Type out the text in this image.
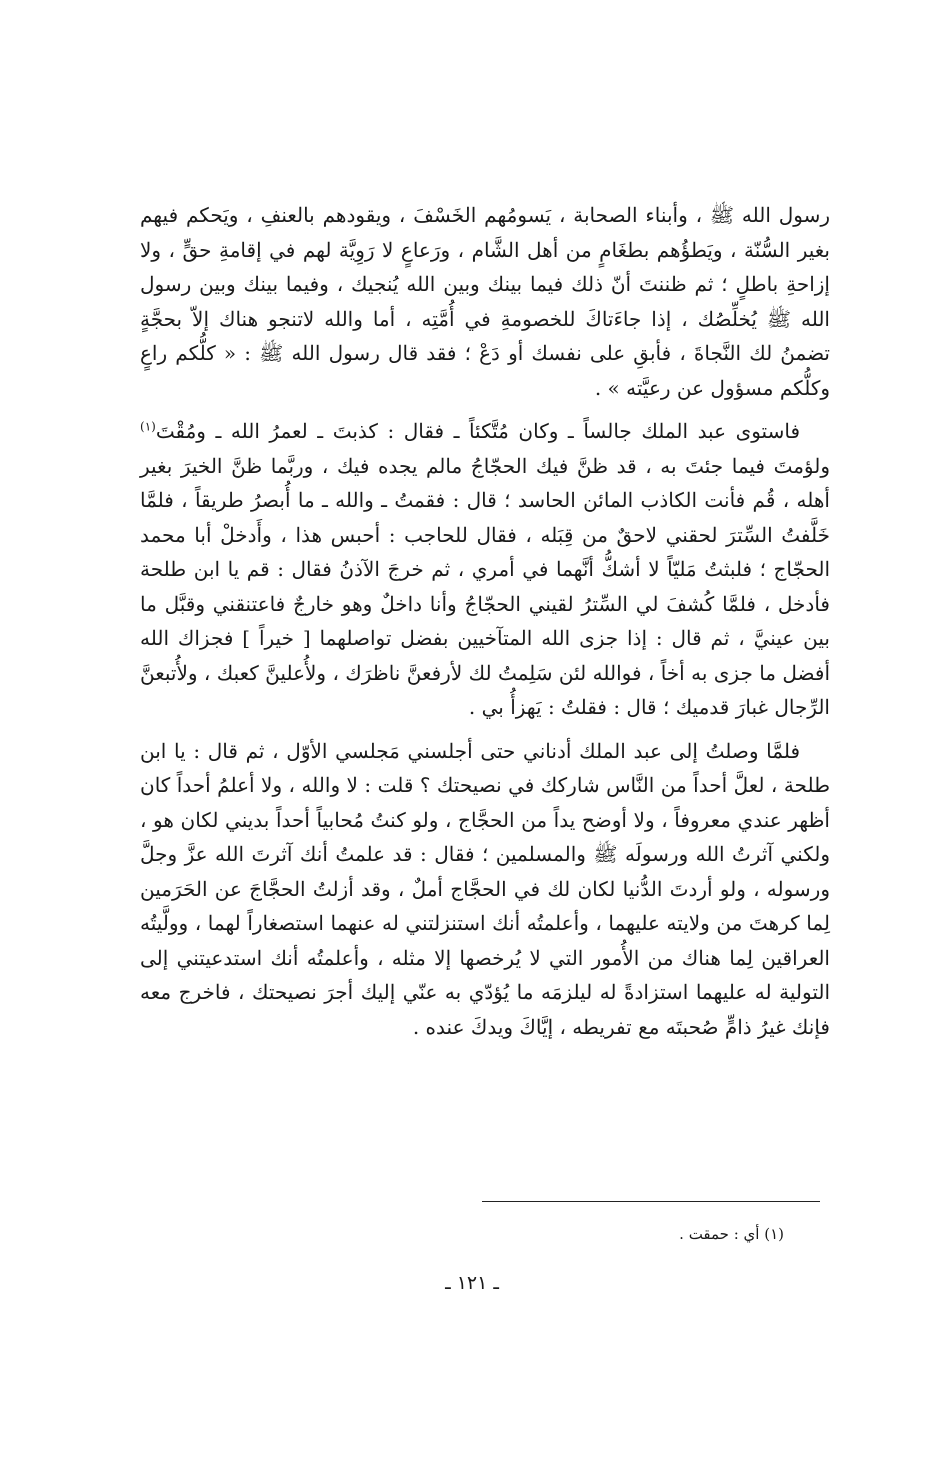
رسول الله ﷺ ، وأبناء الصحابة ، يَسومُهم الخَسْفَ ، ويقودهم بالعنفِ ، ويَحكم فيهم بغير السُّنّة ، ويَطؤُهم بطغَامٍ من أهل الشَّام ، ورَعاعٍ لا رَوِيَّة لهم في إقامةِ حقٍّ ، ولا إزاحةِ باطلٍ ؛ ثم ظننتَ أنّ ذلك فيما بينك وبين الله يُنجيك ، وفيما بينك وبين رسول الله ﷺ يُخلِّصُك ، إذا جاءَتاكَ للخصومةِ في أُمَّتِه ، أما والله لاتنجو هناك إلاّ بحجَّةٍ تضمنُ لك النَّجاةَ ، فأبقِ على نفسك أو دَعْ ؛ فقد قال رسول الله ﷺ : « كلُّكم راعٍ وكلُّكم مسؤول عن رعيَّته » .

فاستوى عبد الملك جالساً ـ وكان مُتَّكئاً ـ فقال : كذبتَ ـ لعمرُ الله ـ ومُقْتَ$^{(١)}$ ولؤمتَ فيما جئتَ به ، قد ظنَّ فيك الحجّاجُ مالم يجده فيك ، وربَّما ظنَّ الخيرَ بغير أهله ، قُم فأنت الكاذب المائن الحاسد ؛ قال : فقمتُ ـ والله ـ ما أُبصرُ طريقاً ، فلمَّا خَلَّفتُ السِّترَ لحقني لاحقٌ من قِبَله ، فقال للحاجب : أحبس هذا ، وأَدخلْ أبا محمد الحجّاج ؛ فلبثتُ مَليّاً لا أشكُّ أنَّهما في أمري ، ثم خرجَ الآذنُ فقال : قم يا ابن طلحة فأدخل ، فلمَّا كُشفَ لي السِّترُ لقيني الحجّاجُ وأنا داخلٌ وهو خارجٌ فاعتنقني وقبَّل ما بين عينيَّ ، ثم قال : إذا جزى الله المتآخيين بفضل تواصلهما [ خيراً ] فجزاك الله أفضل ما جزى به أخاً ، فوالله لئن سَلِمتُ لك لأرفعنَّ ناظرَك ، ولأُعلينَّ كعبك ، ولأُتبعنَّ الرِّجال غبارَ قدميك ؛ قال : فقلتُ : يَهزأُ بي .

فلمَّا وصلتُ إلى عبد الملك أدناني حتى أجلسني مَجلسي الأوّل ، ثم قال : يا ابن طلحة ، لعلَّ أحداً من النَّاس شاركك في نصيحتك ؟ قلت : لا والله ، ولا أعلمُ أحداً كان أظهر عندي معروفاً ، ولا أوضح يداً من الحجَّاج ، ولو كنتُ مُحابياً أحداً بديني لكان هو ، ولكني آثرتُ الله ورسولَه ﷺ والمسلمين ؛ فقال : قد علمتُ أنك آثرتَ الله عزَّ وجلَّ ورسوله ، ولو أردتَ الدُّنيا لكان لك في الحجَّاج أملٌ ، وقد أزلتُ الحجَّاجَ عن الحَرَمين لِما كرهتَ من ولايته عليهما ، وأعلمتُه أنك استنزلتني له عنهما استصغاراً لهما ، وولَّيتُه العراقين لِما هناك من الأُمور التي لا يُرخصها إلا مثله ، وأعلمتُه أنك استدعيتني إلى التولية له عليهما استزادةً له ليلزمَه ما يُؤدّي به عنّي إليك أجرَ نصيحتك ، فاخرج معه فإنك غيرُ ذامٍّ صُحبتَه مع تفريطه ، إيَّاكَ ويدكَ عنده .

(١) أي : حمقت .
ـ ١٢١ ـ
